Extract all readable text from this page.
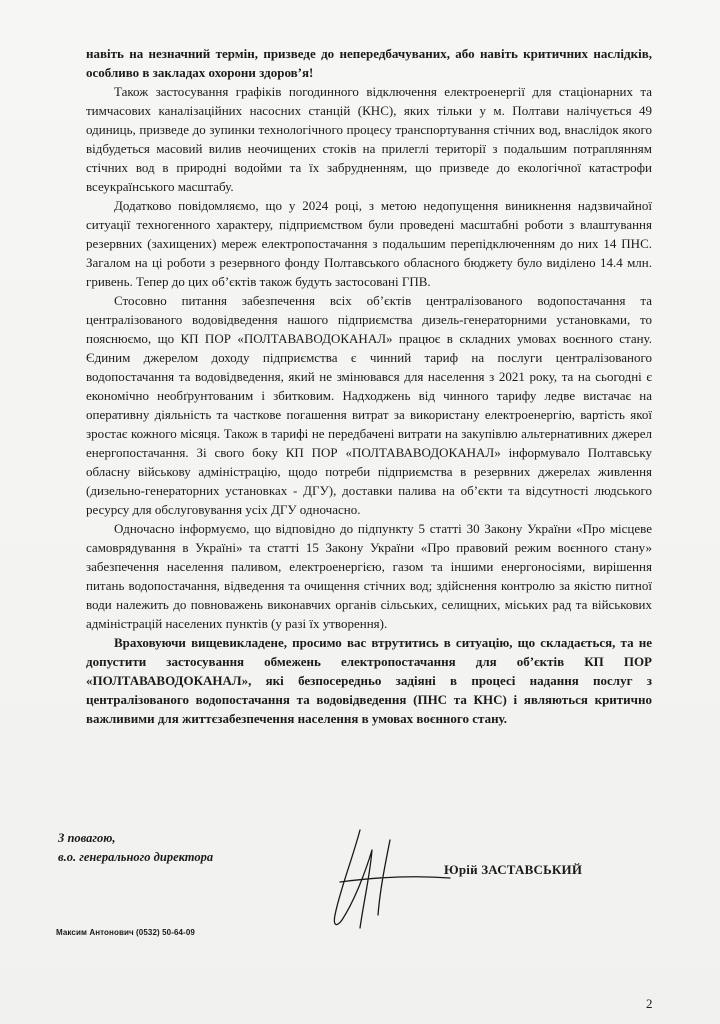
навіть на незначний термін, призведе до непередбачуваних, або навіть критичних наслідків, особливо в закладах охорони здоров’я!

Також застосування графіків погодинного відключення електроенергії для стаціонарних та тимчасових каналізаційних насосних станцій (КНС), яких тільки у м. Полтави налічується 49 одиниць, призведе до зупинки технологічного процесу транспортування стічних вод, внаслідок якого відбудеться масовий вилив неочищених стоків на прилеглі території з подальшим потраплянням стічних вод в природні водойми та їх забрудненням, що призведе до екологічної катастрофи всеукраїнського масштабу.

Додатково повідомляємо, що у 2024 році, з метою недопущення виникнення надзвичайної ситуації техногенного характеру, підприємством були проведені масштабні роботи з влаштування резервних (захищених) мереж електропостачання з подальшим перепідключенням до них 14 ПНС. Загалом на ці роботи з резервного фонду Полтавського обласного бюджету було виділено 14.4 млн. гривень. Тепер до цих об’єктів також будуть застосовані ГПВ.

Стосовно питання забезпечення всіх об’єктів централізованого водопостачання та централізованого водовідведення нашого підприємства дизель-генераторними установками, то пояснюємо, що КП ПОР «ПОЛТАВАВОДОКАНАЛ» працює в складних умовах воєнного стану. Єдиним джерелом доходу підприємства є чинний тариф на послуги централізованого водопостачання та водовідведення, який не змінювався для населення з 2021 року, та на сьогодні є економічно необґрунтованим і збитковим. Надходжень від чинного тарифу ледве вистачає на оперативну діяльність та часткове погашення витрат за використану електроенергію, вартість якої зростає кожного місяця. Також в тарифі не передбачені витрати на закупівлю альтернативних джерел енергопостачання. Зі свого боку КП ПОР «ПОЛТАВАВОДОКАНАЛ» інформувало Полтавську обласну військову адміністрацію, щодо потреби підприємства в резервних джерелах живлення (дизельно-генераторних установках - ДГУ), доставки палива на об’єкти та відсутності людського ресурсу для обслуговування усіх ДГУ одночасно.

Одночасно інформуємо, що відповідно до підпункту 5 статті 30 Закону України «Про місцеве самоврядування в Україні» та статті 15 Закону України «Про правовий режим воєнного стану» забезпечення населення паливом, електроенергією, газом та іншими енергоносіями, вирішення питань водопостачання, відведення та очищення стічних вод; здійснення контролю за якістю питної води належить до повноважень виконавчих органів сільських, селищних, міських рад та військових адміністрацій населених пунктів (у разі їх утворення).

Враховуючи вищевикладене, просимо вас втрутитись в ситуацію, що складається, та не допустити застосування обмежень електропостачання для об’єктів КП ПОР «ПОЛТАВАВОДОКАНАЛ», які безпосередньо задіяні в процесі надання послуг з централізованого водопостачання та водовідведення (ПНС та КНС) і являються критично важливими для життєзабезпечення населення в умовах воєнного стану.

З повагою,
в.о. генерального директора
Юрій ЗАСТАВСЬКИЙ
Максим Антонович (0532) 50-64-09
2
